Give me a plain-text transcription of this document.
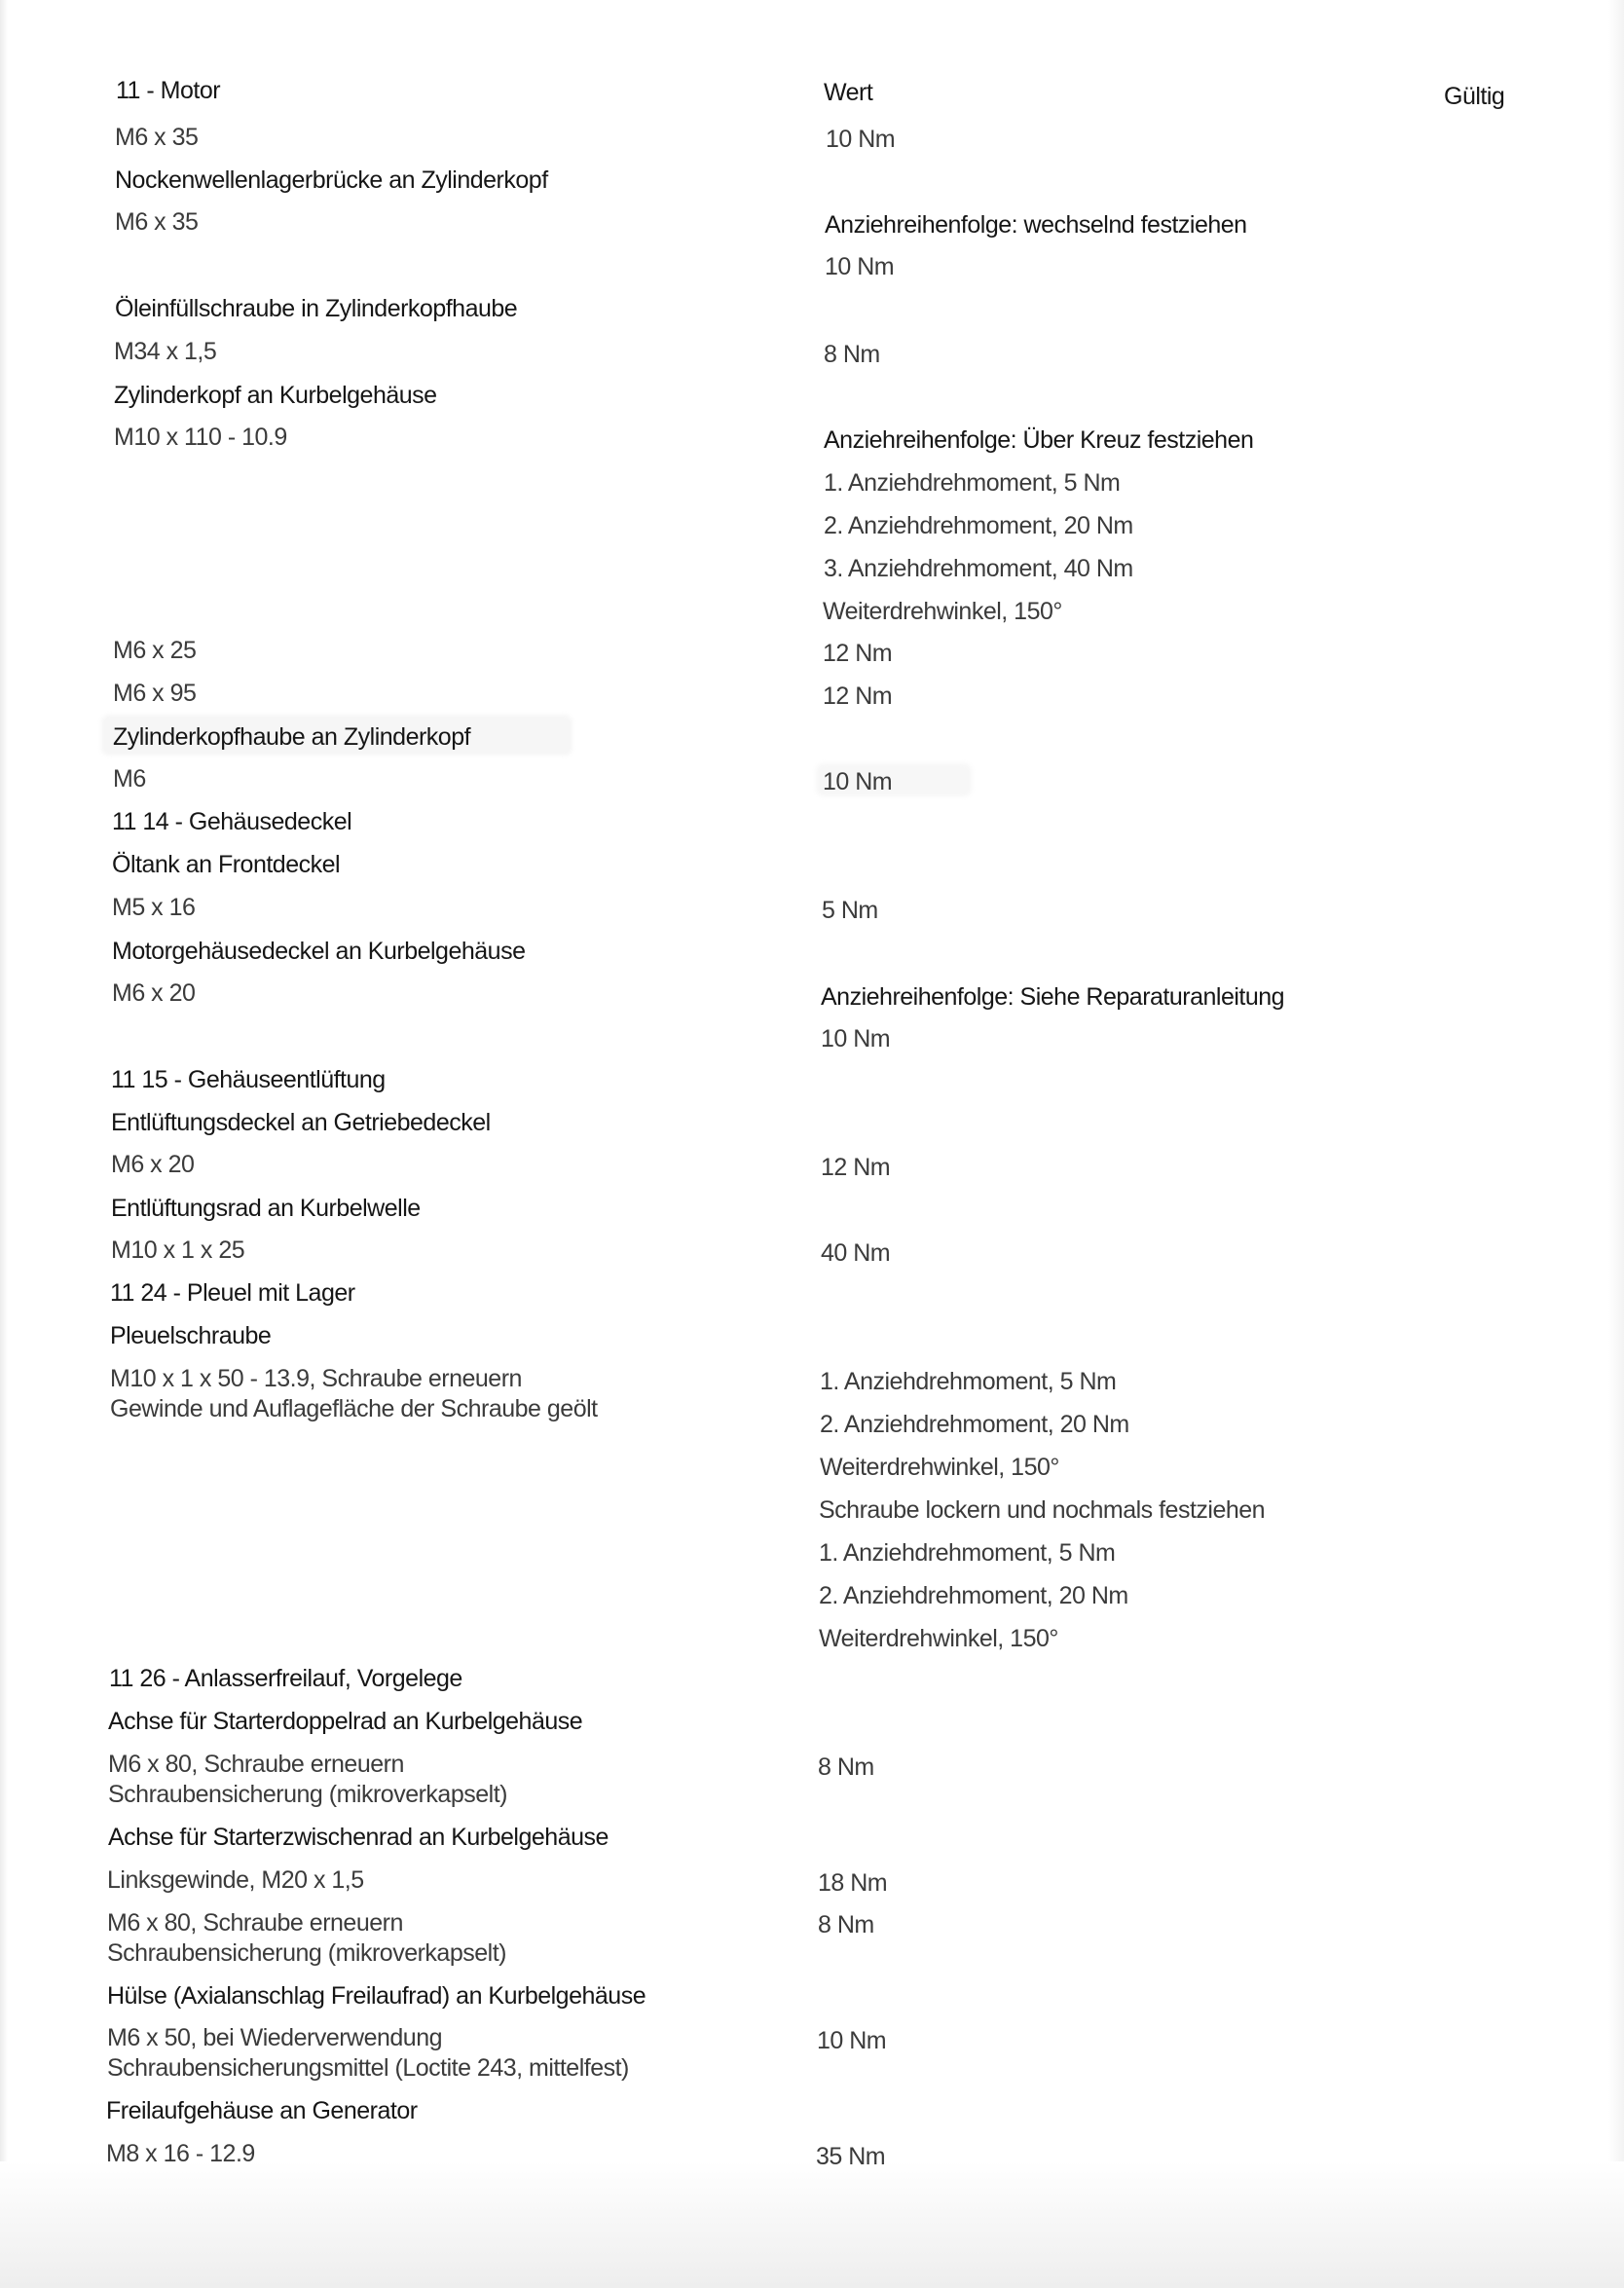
11 - Motor	Wert	Gültig
M6 x 35
Nockenwellenlagerbrücke an Zylinderkopf
M6 x 35
Öleinfüllschraube in Zylinderkopfhaube
M34 x 1,5
Zylinderkopf an Kurbelgehäuse
M10 x 110 - 10.9
M6 x 25
M6 x 95
Zylinderkopfhaube an Zylinderkopf
M6
11 14 - Gehäusedeckel
Öltank an Frontdeckel
M5 x 16
Motorgehäusedeckel an Kurbelgehäuse
M6 x 20
11 15 - Gehäuseentlüftung
Entlüftungsdeckel an Getriebedeckel
M6 x 20
Entlüftungsrad an Kurbelwelle
M10 x 1 x 25
11 24 - Pleuel mit Lager
Pleuelschraube
M10 x 1 x 50 - 13.9, Schraube erneuern
Gewinde und Auflagefläche der Schraube geölt
11 26 - Anlasserfreilauf, Vorgelege
Achse für Starterdoppelrad an Kurbelgehäuse
M6 x 80, Schraube erneuern
Schraubensicherung (mikroverkapselt)
Achse für Starterzwischenrad an Kurbelgehäuse
Linksgewinde, M20 x 1,5
M6 x 80, Schraube erneuern
Schraubensicherung (mikroverkapselt)
Hülse (Axialanschlag Freilaufrad) an Kurbelgehäuse
M6 x 50, bei Wiederverwendung
Schraubensicherungsmittel (Loctite 243, mittelfest)
Freilaufgehäuse an Generator
M8 x 16 - 12.9
10 Nm
Anziehreihenfolge: wechselnd festziehen
10 Nm
8 Nm
Anziehreihenfolge: Über Kreuz festziehen
1. Anziehdrehmoment, 5 Nm
2. Anziehdrehmoment, 20 Nm
3. Anziehdrehmoment, 40 Nm
Weiterdrehwinkel, 150°
12 Nm
12 Nm
10 Nm
5 Nm
Anziehreihenfolge: Siehe Reparaturanleitung
10 Nm
12 Nm
40 Nm
1. Anziehdrehmoment, 5 Nm
2. Anziehdrehmoment, 20 Nm
Weiterdrehwinkel, 150°
Schraube lockern und nochmals festziehen
1. Anziehdrehmoment, 5 Nm
2. Anziehdrehmoment, 20 Nm
Weiterdrehwinkel, 150°
8 Nm
18 Nm
8 Nm
10 Nm
35 Nm
